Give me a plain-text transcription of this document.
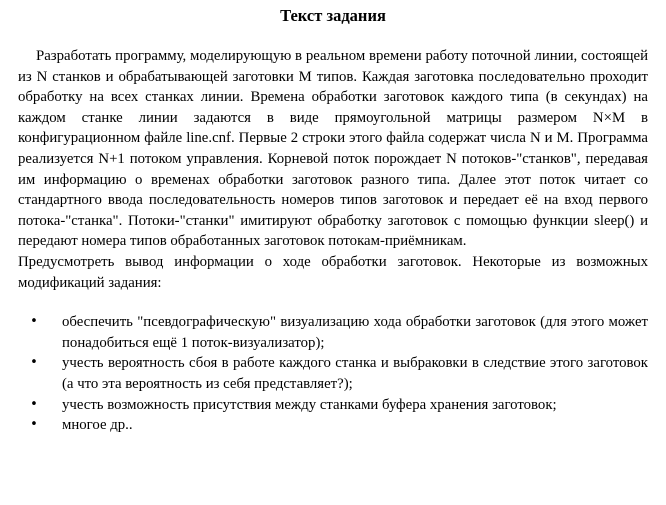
Текст задания

Разработать программу, моделирующую в реальном времени работу поточной линии, состоящей из N станков и обрабатывающей заготовки M типов. Каждая заготовка последовательно проходит обработку на всех станках линии. Времена обработки заготовок каждого типа (в секундах) на каждом станке линии задаются в виде прямоугольной матрицы размером N×M в конфигурационном файле line.cnf. Первые 2 строки этого файла содержат числа N и M. Программа реализуется N+1 потоком управления. Корневой поток порождает N потоков-"станков", передавая им информацию о временах обработки заготовок разного типа. Далее этот поток читает со стандартного ввода последовательность номеров типов заготовок и передает её на вход первого потока-"станка". Потоки-"станки" имитируют обработку заготовок с помощью функции sleep() и передают номера типов обработанных заготовок потокам-приёмникам.

Предусмотреть вывод информации о ходе обработки заготовок. Некоторые из возможных модификаций задания:

• обеспечить "псевдографическую" визуализацию хода обработки заготовок (для этого может понадобиться ещё 1 поток-визуализатор);
• учесть вероятность сбоя в работе каждого станка и выбраковки в следствие этого заготовок (а что эта вероятность из себя представляет?);
• учесть возможность присутствия между станками буфера хранения заготовок;
• многое др..
